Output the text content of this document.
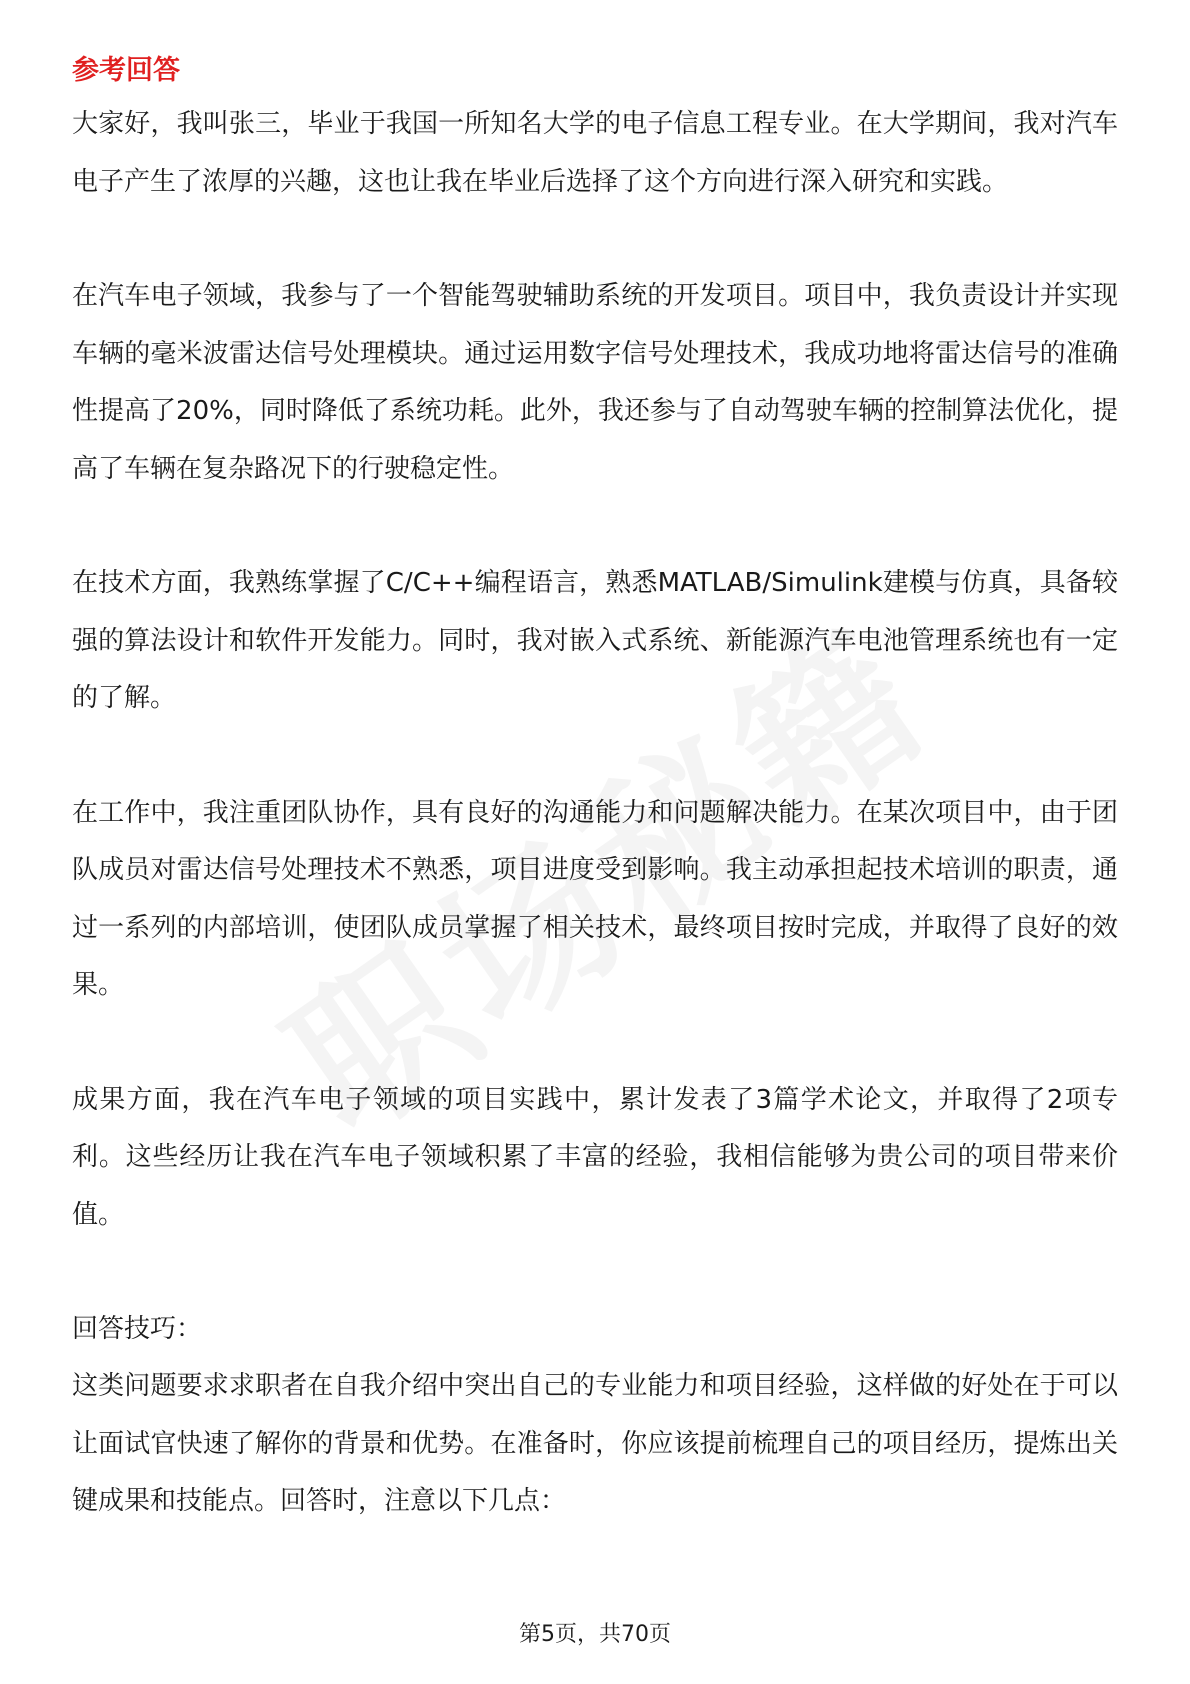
参考回答

大家好，我叫张三，毕业于我国一所知名大学的电子信息工程专业。在大学期间，我对汽车电子产生了浓厚的兴趣，这也让我在毕业后选择了这个方向进行深入研究和实践。

在汽车电子领域，我参与了一个智能驾驶辅助系统的开发项目。项目中，我负责设计并实现车辆的毫米波雷达信号处理模块。通过运用数字信号处理技术，我成功地将雷达信号的准确性提高了20%，同时降低了系统功耗。此外，我还参与了自动驾驶车辆的控制算法优化，提高了车辆在复杂路况下的行驶稳定性。

在技术方面，我熟练掌握了C/C++编程语言，熟悉MATLAB/Simulink建模与仿真，具备较强的算法设计和软件开发能力。同时，我对嵌入式系统、新能源汽车电池管理系统也有一定的了解。

在工作中，我注重团队协作，具有良好的沟通能力和问题解决能力。在某次项目中，由于团队成员对雷达信号处理技术不熟悉，项目进度受到影响。我主动承担起技术培训的职责，通过一系列的内部培训，使团队成员掌握了相关技术，最终项目按时完成，并取得了良好的效果。

成果方面，我在汽车电子领域的项目实践中，累计发表了3篇学术论文，并取得了2项专利。这些经历让我在汽车电子领域积累了丰富的经验，我相信能够为贵公司的项目带来价值。

回答技巧：

这类问题要求求职者在自我介绍中突出自己的专业能力和项目经验，这样做的好处在于可以让面试官快速了解你的背景和优势。在准备时，你应该提前梳理自己的项目经历，提炼出关键成果和技能点。回答时，注意以下几点：

第5页，共70页
